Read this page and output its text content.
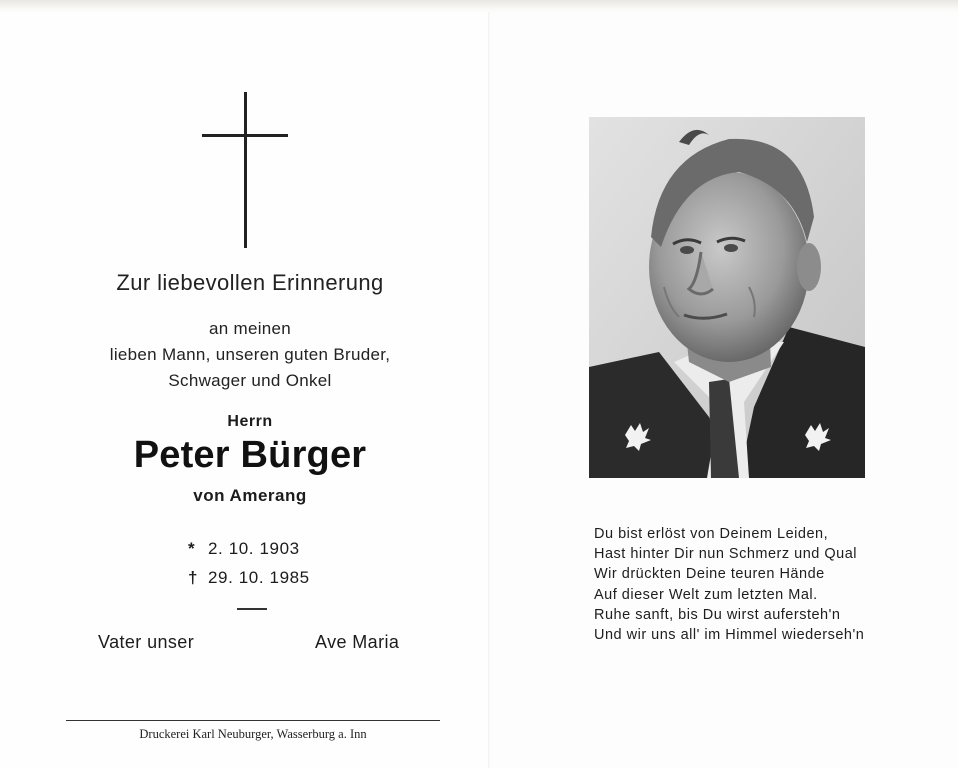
Zur liebevollen Erinnerung
an meinen
lieben Mann, unseren guten Bruder,
Schwager und Onkel
Herrn
Peter Bürger
von Amerang
* 2. 10. 1903
† 29. 10. 1985
Vater unser	Ave Maria
Druckerei Karl Neuburger, Wasserburg a. Inn
Du bist erlöst von Deinem Leiden,
Hast hinter Dir nun Schmerz und Qual
Wir drückten Deine teuren Hände
Auf dieser Welt zum letzten Mal.
Ruhe sanft, bis Du wirst aufersteh'n
Und wir uns all' im Himmel wiederseh'n
